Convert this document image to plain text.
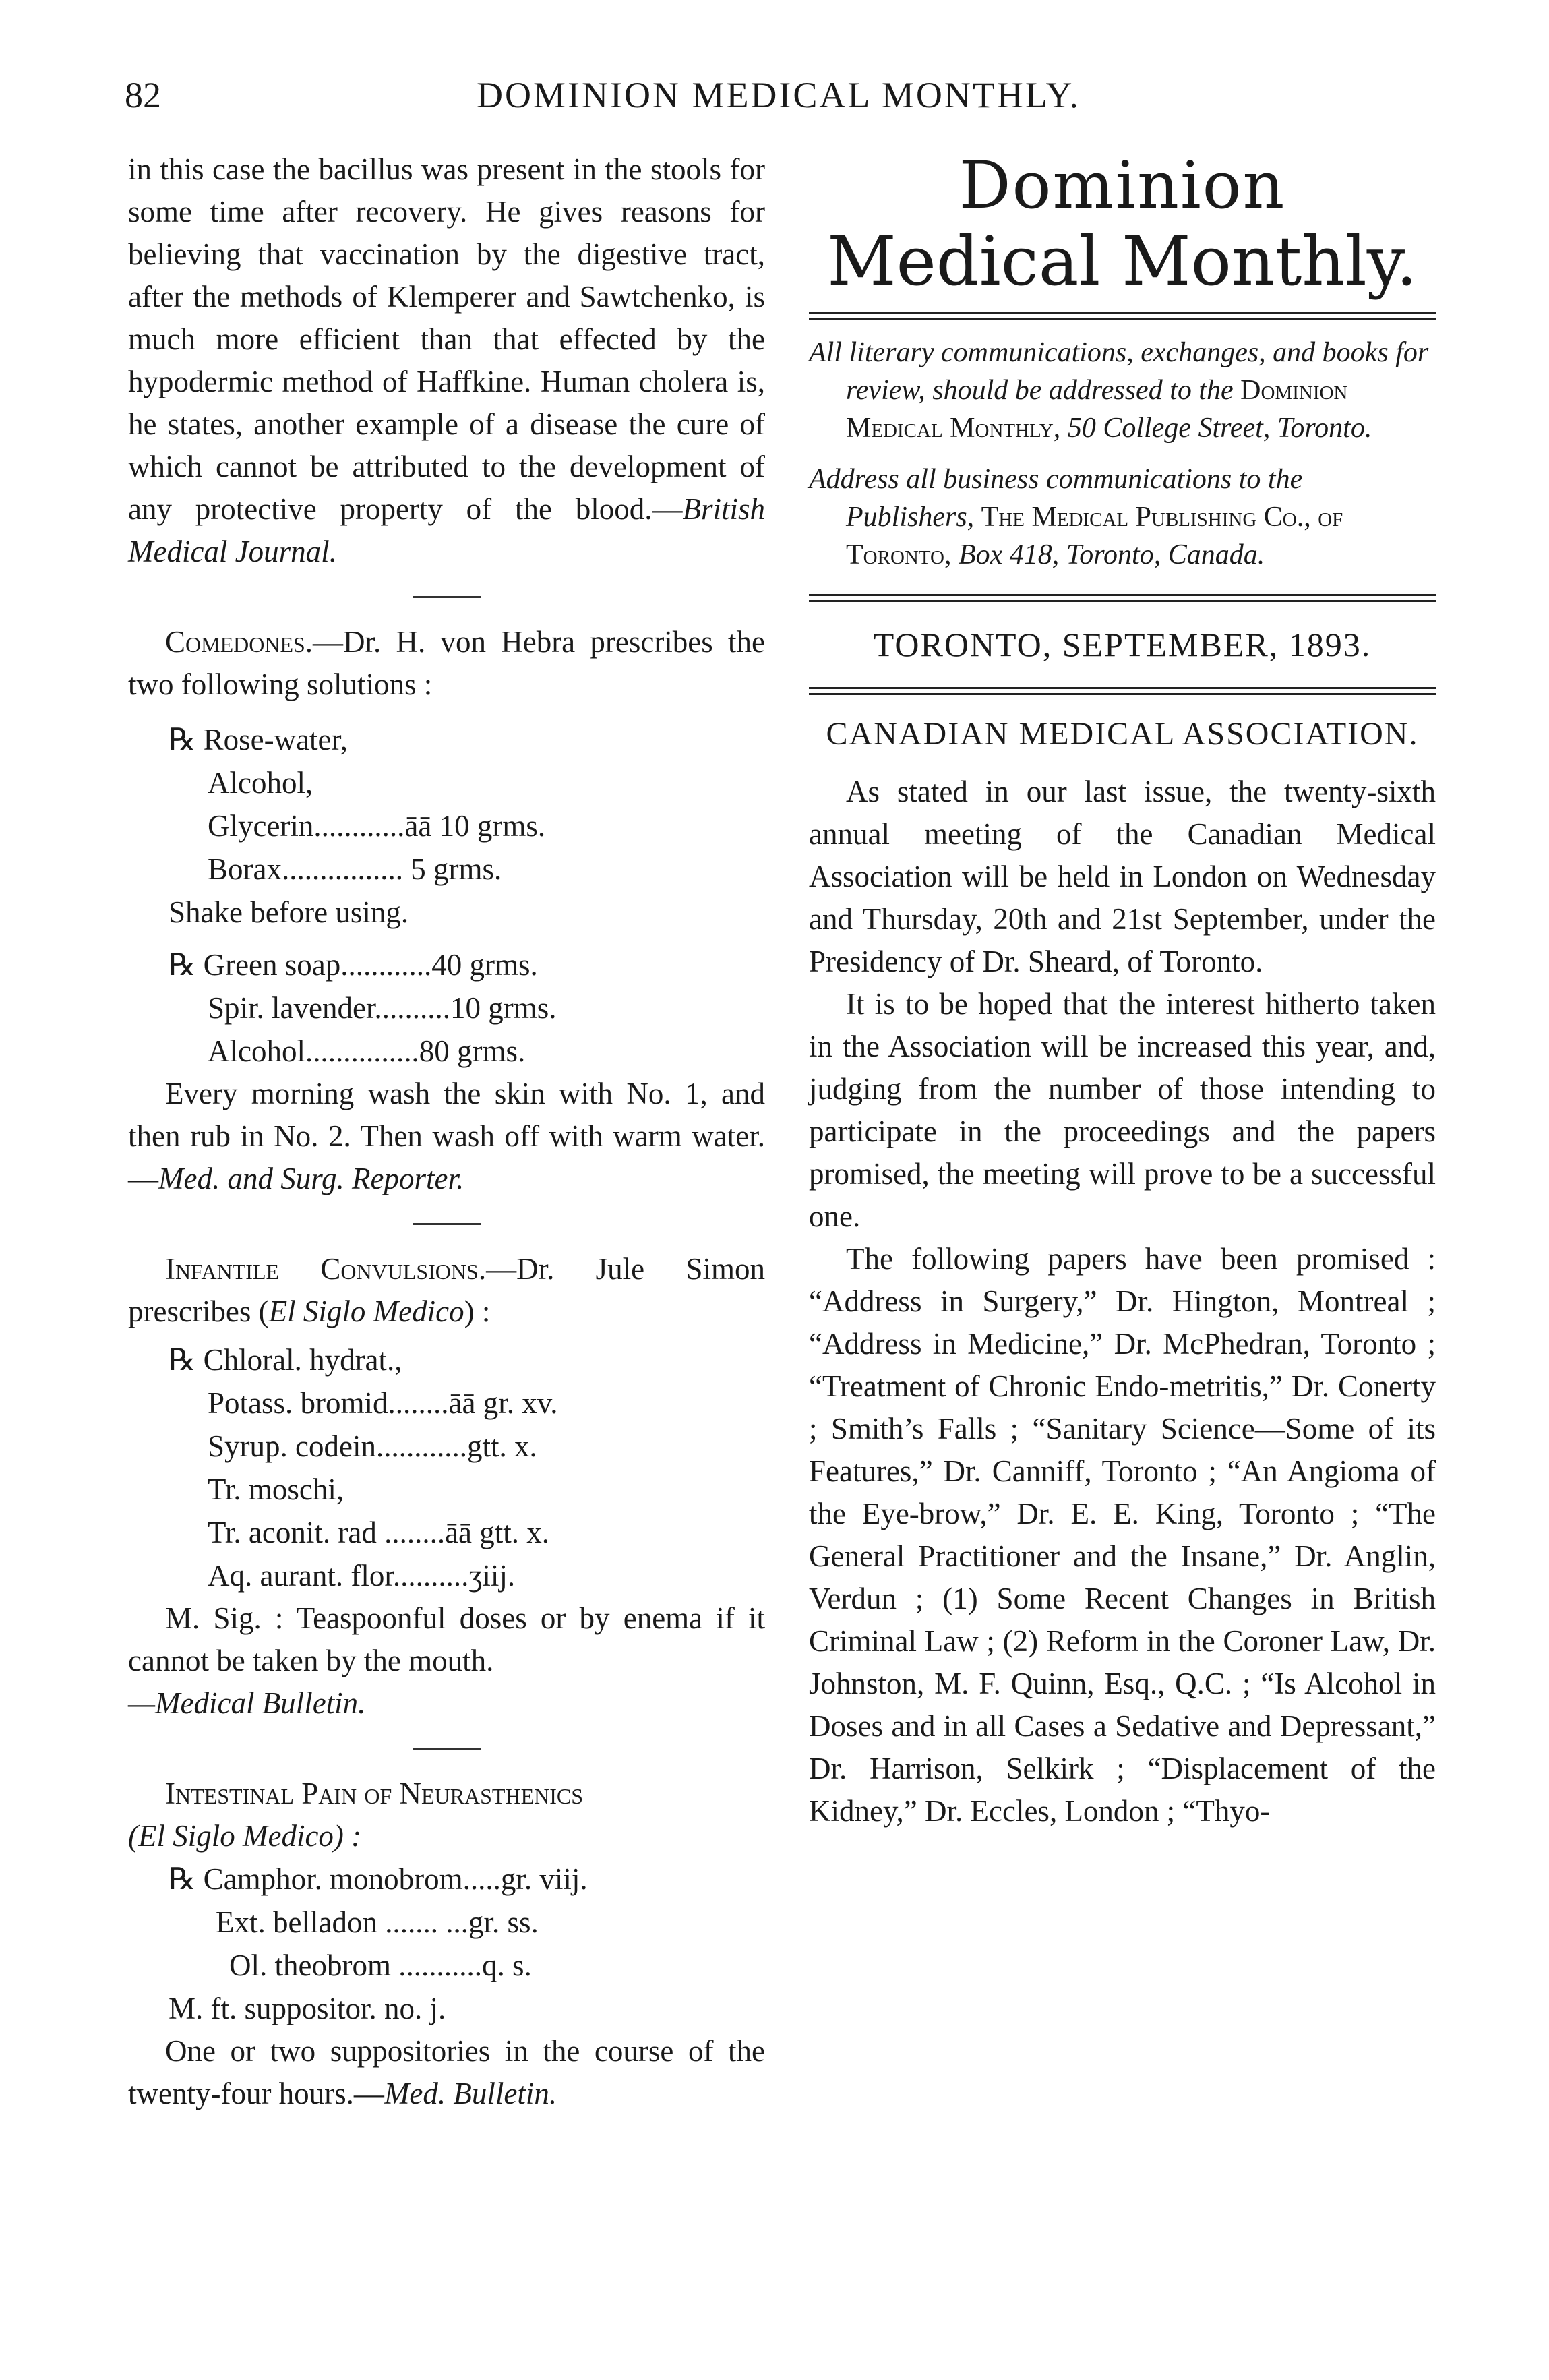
82	DOMINION MEDICAL MONTHLY.

in this case the bacillus was present in the stools for some time after recovery. He gives reasons for believing that vaccination by the digestive tract, after the methods of Klemperer and Sawtchenko, is much more efficient than that effected by the hypodermic method of Haffkine. Human cholera is, he states, another example of a disease the cure of which cannot be attributed to the development of any protective property of the blood.—British Medical Journal.

Comedones.—Dr. H. von Hebra prescribes the two following solutions :

℞ Rose-water,
Alcohol,
Glycerin............āā 10 grms.
Borax................ 5 grms.
Shake before using.
℞ Green soap............40 grms.
Spir. lavender..........10 grms.
Alcohol...............80 grms.

Every morning wash the skin with No. 1, and then rub in No. 2. Then wash off with warm water.—Med. and Surg. Reporter.

Infantile Convulsions.—Dr. Jule Simon prescribes (El Siglo Medico) :

℞ Chloral. hydrat.,
Potass. bromid........āā gr. xv.
Syrup. codein............gtt. x.
Tr. moschi,
Tr. aconit. rad ........āā gtt. x.
Aq. aurant. flor..........ʒiij.

M. Sig. : Teaspoonful doses or by enema if it cannot be taken by the mouth.

—Medical Bulletin.

Intestinal Pain of Neurasthenics

(El Siglo Medico) :

℞ Camphor. monobrom.....gr. viij.
Ext. belladon ....... ...gr. ss.
Ol. theobrom ...........q. s.
M. ft. suppositor. no. j.

One or two suppositories in the course of the twenty-four hours.—Med. Bulletin.

Dominion
Medical Monthly.

All literary communications, exchanges, and books for review, should be addressed to the Dominion Medical Monthly, 50 College Street, Toronto.

Address all business communications to the Publishers, The Medical Publishing Co., of Toronto, Box 418, Toronto, Canada.

TORONTO, SEPTEMBER, 1893.
CANADIAN MEDICAL ASSOCIATION.

As stated in our last issue, the twenty-sixth annual meeting of the Canadian Medical Association will be held in London on Wednesday and Thursday, 20th and 21st September, under the Presidency of Dr. Sheard, of Toronto.

It is to be hoped that the interest hitherto taken in the Association will be increased this year, and, judging from the number of those intending to participate in the proceedings and the papers promised, the meeting will prove to be a successful one.

The following papers have been promised : “Address in Surgery,” Dr. Hington, Montreal ; “Address in Medicine,” Dr. McPhedran, Toronto ; “Treatment of Chronic Endo-metritis,” Dr. Conerty ; Smith’s Falls ; “Sanitary Science—Some of its Features,” Dr. Canniff, Toronto ; “An Angioma of the Eye-brow,” Dr. E. E. King, Toronto ; “The General Practitioner and the Insane,” Dr. Anglin, Verdun ; (1) Some Recent Changes in British Criminal Law ; (2) Reform in the Coroner Law, Dr. Johnston, M. F. Quinn, Esq., Q.C. ; “Is Alcohol in Doses and in all Cases a Sedative and Depressant,” Dr. Harrison, Selkirk ; “Displacement of the Kidney,” Dr. Eccles, London ; “Thyo-
